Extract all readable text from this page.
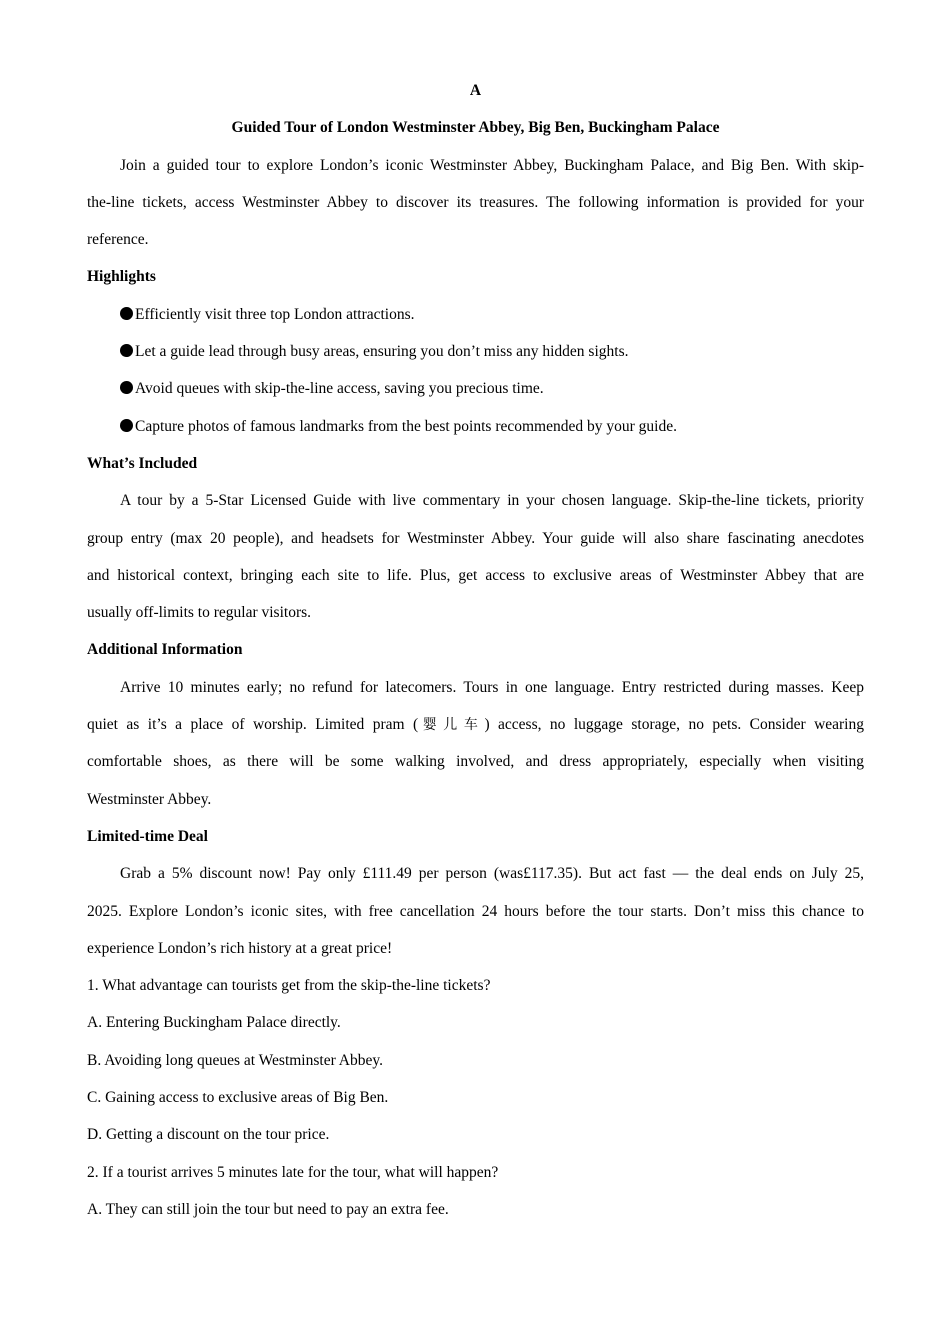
A
Guided Tour of London Westminster Abbey, Big Ben, Buckingham Palace
Join a guided tour to explore London’s iconic Westminster Abbey, Buckingham Palace, and Big Ben. With skip-
the-line tickets, access Westminster Abbey to discover its treasures. The following information is provided for your
reference.
Highlights
Efficiently visit three top London attractions.
Let a guide lead through busy areas, ensuring you don’t miss any hidden sights.
Avoid queues with skip-the-line access, saving you precious time.
Capture photos of famous landmarks from the best points recommended by your guide.
What’s Included
A tour by a 5-Star Licensed Guide with live commentary in your chosen language. Skip-the-line tickets, priority
group entry (max 20 people), and headsets for Westminster Abbey. Your guide will also share fascinating anecdotes
and historical context, bringing each site to life. Plus, get access to exclusive areas of Westminster Abbey that are
usually off-limits to regular visitors.
Additional Information
Arrive 10 minutes early; no refund for latecomers. Tours in one language. Entry restricted during masses. Keep
quiet as it’s a place of worship. Limited pram (婴儿车) access, no luggage storage, no pets. Consider wearing
comfortable shoes, as there will be some walking involved, and dress appropriately, especially when visiting
Westminster Abbey.
Limited-time Deal
Grab a 5% discount now! Pay only £111.49 per person (was£117.35). But act fast — the deal ends on July 25,
2025. Explore London’s iconic sites, with free cancellation 24 hours before the tour starts. Don’t miss this chance to
experience London’s rich history at a great price!
1. What advantage can tourists get from the skip-the-line tickets?
A. Entering Buckingham Palace directly.
B. Avoiding long queues at Westminster Abbey.
C. Gaining access to exclusive areas of Big Ben.
D. Getting a discount on the tour price.
2. If a tourist arrives 5 minutes late for the tour, what will happen?
A. They can still join the tour but need to pay an extra fee.
